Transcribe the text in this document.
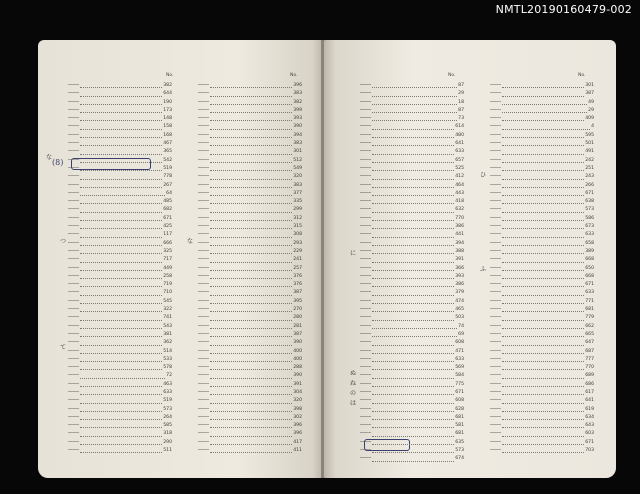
NMTL20190160479-002
No.	No.
な
つ
て
な
(8)
────	382
────	644
────	190
────	173
────	148
────	158
────	168
────	467
────	365
────	542
────	519
────	778
────	267
────	64
────	485
────	682
────	671
────	425
────	117
────	666
────	325
────	717
────	449
────	258
────	719
────	710
────	545
────	322
────	741
────	543
────	381
────	362
────	514
────	533
────	578
────	72
────	463
────	633
────	519
────	573
────	264
────	585
────	318
────	290
────	511
────	396
────	383
────	382
────	399
────	393
────	390
────	394
────	383
────	301
────	512
────	549
────	320
────	383
────	377
────	335
────	299
────	312
────	315
────	308
────	293
────	229
────	241
────	257
────	376
────	376
────	387
────	395
────	270
────	280
────	281
────	387
────	390
────	400
────	400
────	288
────	390
────	391
────	304
────	320
────	398
────	302
────	396
────	396
────	417
────	411
No.	No.
に
ぬ
ね
の
は
ひ
ふ
────	87
────	29
────	18
────	87
────	73
────	614
────	480
────	641
────	633
────	657
────	525
────	412
────	464
────	443
────	418
────	632
────	770
────	386
────	441
────	394
────	388
────	391
────	366
────	393
────	386
────	379
────	474
────	465
────	503
────	74
────	69
────	608
────	471
────	633
────	569
────	584
────	775
────	671
────	608
────	628
────	681
────	581
────	681
────	635
────	573
────	674
────	301
────	387
────	49
────	29
────	409
────	4
────	595
────	501
────	491
────	242
────	251
────	243
────	266
────	671
────	638
────	573
────	586
────	673
────	633
────	658
────	389
────	668
────	650
────	668
────	671
────	633
────	771
────	681
────	779
────	662
────	665
────	647
────	687
────	777
────	770
────	689
────	686
────	617
────	641
────	619
────	634
────	643
────	603
────	671
────	703
